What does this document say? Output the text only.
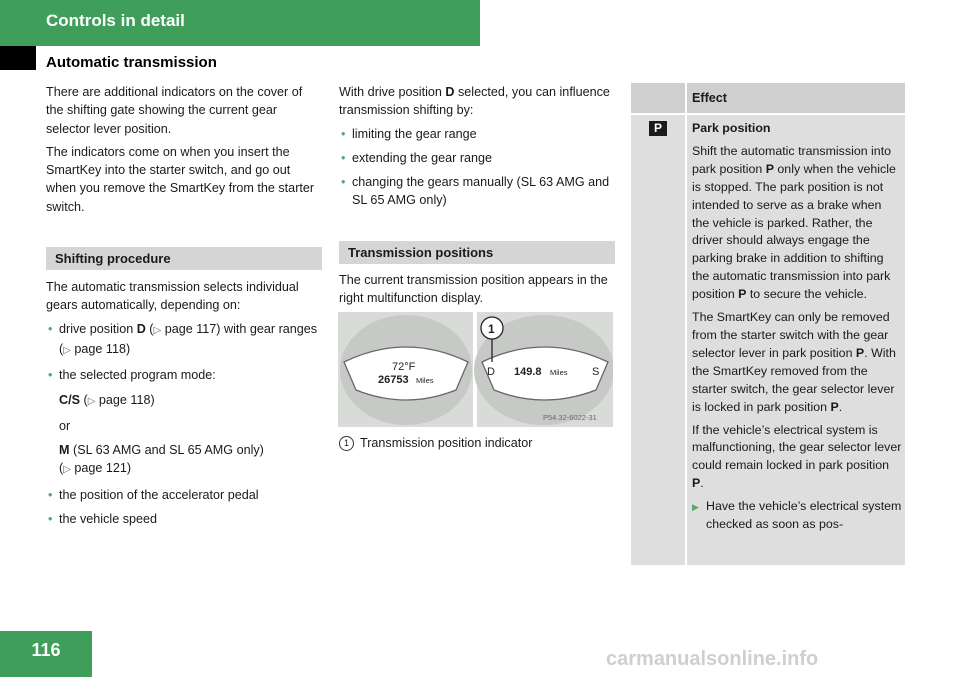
Controls in detail
Automatic transmission

There are additional indicators on the cover of the shifting gate showing the current gear selector lever position.

The indicators come on when you insert the SmartKey into the starter switch, and go out when you remove the SmartKey from the starter switch.

Shifting procedure

The automatic transmission selects individual gears automatically, depending on:

• drive position D (▷ page 117) with gear ranges (▷ page 118)
• the selected program mode:
C/S (▷ page 118)
or
M (SL 63 AMG and SL 65 AMG only)
(▷ page 121)
• the position of the accelerator pedal
• the vehicle speed

With drive position D selected, you can influence transmission shifting by:

• limiting the gear range
• extending the gear range
• changing the gears manually (SL 63 AMG and SL 65 AMG only)
Transmission positions

The current transmission position appears in the right multifunction display.

72°F
26753 Miles
1
D 149.8 Miles S
P54.32-6022-31
1 Transmission position indicator
Effect
P	Park position

Shift the automatic transmission into park position P only when the vehicle is stopped. The park position is not intended to serve as a brake when the vehicle is parked. Rather, the driver should always engage the parking brake in addition to shifting the automatic transmission into park position P to secure the vehicle.

The SmartKey can only be removed from the starter switch with the gear selector lever in park position P. With the SmartKey removed from the starter switch, the gear selector lever is locked in park position P.

If the vehicle’s electrical system is malfunctioning, the gear selector lever could remain locked in park position P.

▶ Have the vehicle’s electrical system checked as soon as pos-

116	carmanualsonline.info
